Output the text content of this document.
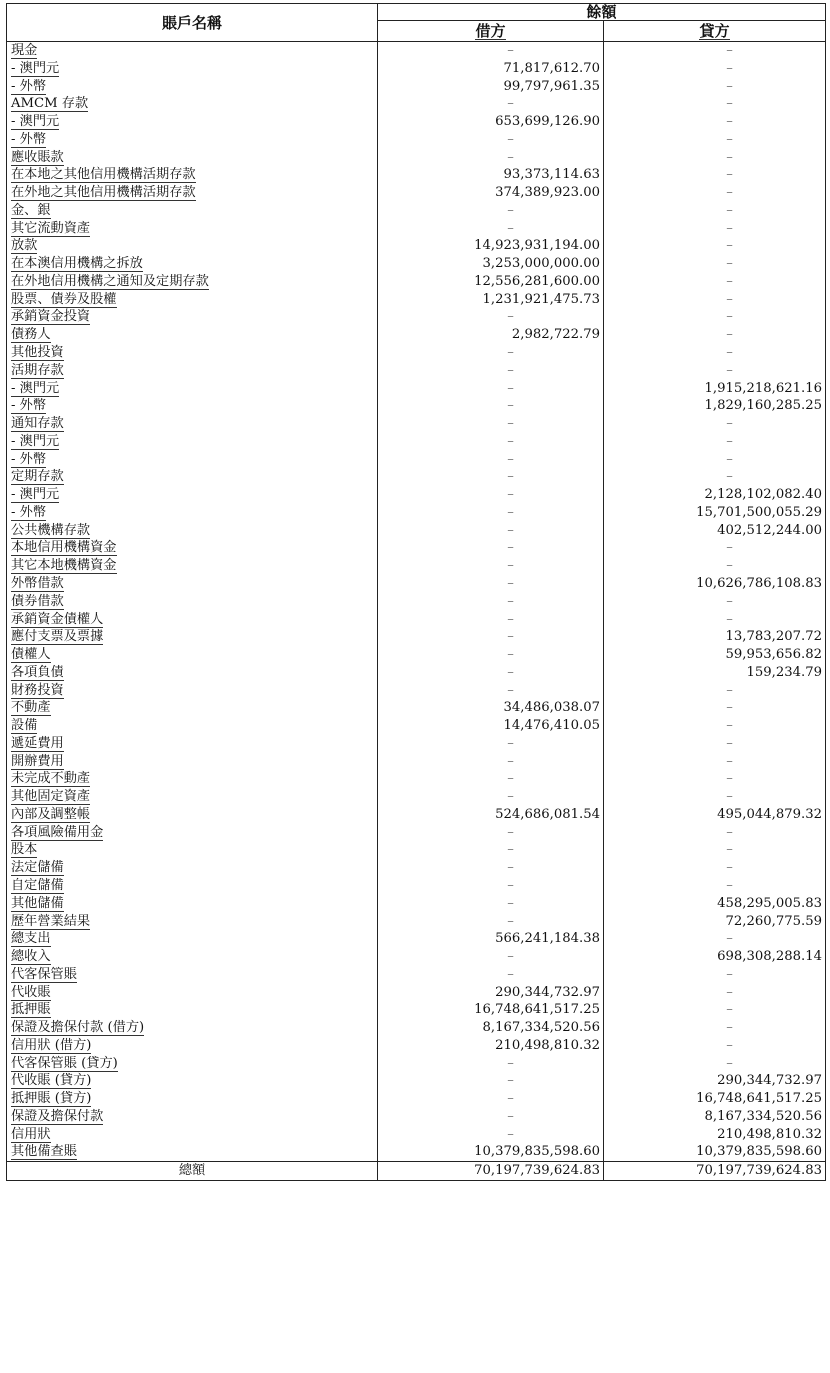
賬戶名稱
餘額
借方	貸方
現金	–	–
- 澳門元	71,817,612.70	–
- 外幣	99,797,961.35	–
AMCM 存款	–	–
- 澳門元	653,699,126.90	–
- 外幣	–	–
應收賬款	–	–
在本地之其他信用機構活期存款	93,373,114.63	–
在外地之其他信用機構活期存款	374,389,923.00	–
金、銀	–	–
其它流動資產	–	–
放款	14,923,931,194.00	–
在本澳信用機構之拆放	3,253,000,000.00	–
在外地信用機構之通知及定期存款	12,556,281,600.00	–
股票、債券及股權	1,231,921,475.73	–
承銷資金投資	–	–
債務人	2,982,722.79	–
其他投資	–	–
活期存款	–	–
- 澳門元	–	1,915,218,621.16
- 外幣	–	1,829,160,285.25
通知存款	–	–
- 澳門元	–	–
- 外幣	–	–
定期存款	–	–
- 澳門元	–	2,128,102,082.40
- 外幣	–	15,701,500,055.29
公共機構存款	–	402,512,244.00
本地信用機構資金	–	–
其它本地機構資金	–	–
外幣借款	–	10,626,786,108.83
債券借款	–	–
承銷資金債權人	–	–
應付支票及票據	–	13,783,207.72
債權人	–	59,953,656.82
各項負債	–	159,234.79
財務投資	–	–
不動產	34,486,038.07	–
設備	14,476,410.05	–
遞延費用	–	–
開辦費用	–	–
未完成不動產	–	–
其他固定資產	–	–
內部及調整帳	524,686,081.54	495,044,879.32
各項風險備用金	–	–
股本	–	–
法定儲備	–	–
自定儲備	–	–
其他儲備	–	458,295,005.83
歷年營業結果	–	72,260,775.59
總支出	566,241,184.38	–
總收入	–	698,308,288.14
代客保管賬	–	–
代收賬	290,344,732.97	–
抵押賬	16,748,641,517.25	–
保證及擔保付款 (借方)	8,167,334,520.56	–
信用狀 (借方)	210,498,810.32	–
代客保管賬 (貸方)	–	–
代收賬 (貸方)	–	290,344,732.97
抵押賬 (貸方)	–	16,748,641,517.25
保證及擔保付款	–	8,167,334,520.56
信用狀	–	210,498,810.32
其他備查賬	10,379,835,598.60	10,379,835,598.60
總額	70,197,739,624.83	70,197,739,624.83
